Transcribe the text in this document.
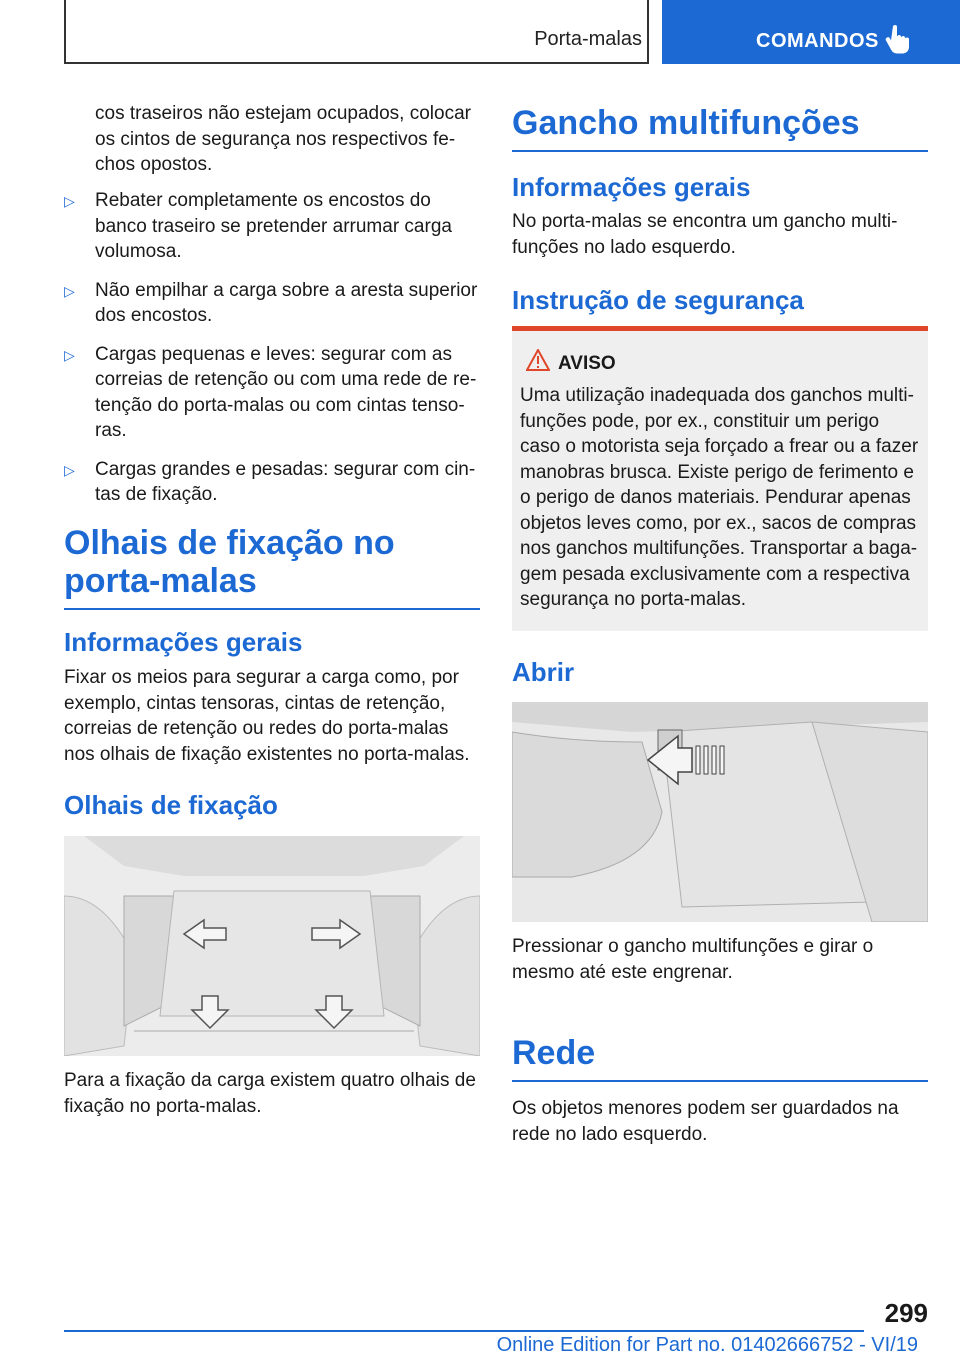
Porta-malas	COMANDOS

cos traseiros não estejam ocupados, colocar os cintos de segurança nos respectivos fechos opostos.

▷ Rebater completamente os encostos do banco traseiro se pretender arrumar carga volumosa.
▷ Não empilhar a carga sobre a aresta superior dos encostos.
▷ Cargas pequenas e leves: segurar com as correias de retenção ou com uma rede de retenção do porta-malas ou com cintas tensoras.
▷ Cargas grandes e pesadas: segurar com cintas de fixação.
Olhais de fixação no porta-malas
Informações gerais

Fixar os meios para segurar a carga como, por exemplo, cintas tensoras, cintas de retenção, correias de retenção ou redes do porta-malas nos olhais de fixação existentes no porta-malas.

Olhais de fixação

Para a fixação da carga existem quatro olhais de fixação no porta-malas.

Gancho multifunções
Informações gerais

No porta-malas se encontra um gancho multifunções no lado esquerdo.

Instrução de segurança
AVISO

Uma utilização inadequada dos ganchos multifunções pode, por ex., constituir um perigo caso o motorista seja forçado a frear ou a fazer manobras brusca. Existe perigo de ferimento e o perigo de danos materiais. Pendurar apenas objetos leves como, por ex., sacos de compras nos ganchos multifunções. Transportar a bagagem pesada exclusivamente com a respectiva segurança no porta-malas.

Abrir

Pressionar o gancho multifunções e girar o mesmo até este engrenar.

Rede

Os objetos menores podem ser guardados na rede no lado esquerdo.

299
Online Edition for Part no. 01402666752 - VI/19
